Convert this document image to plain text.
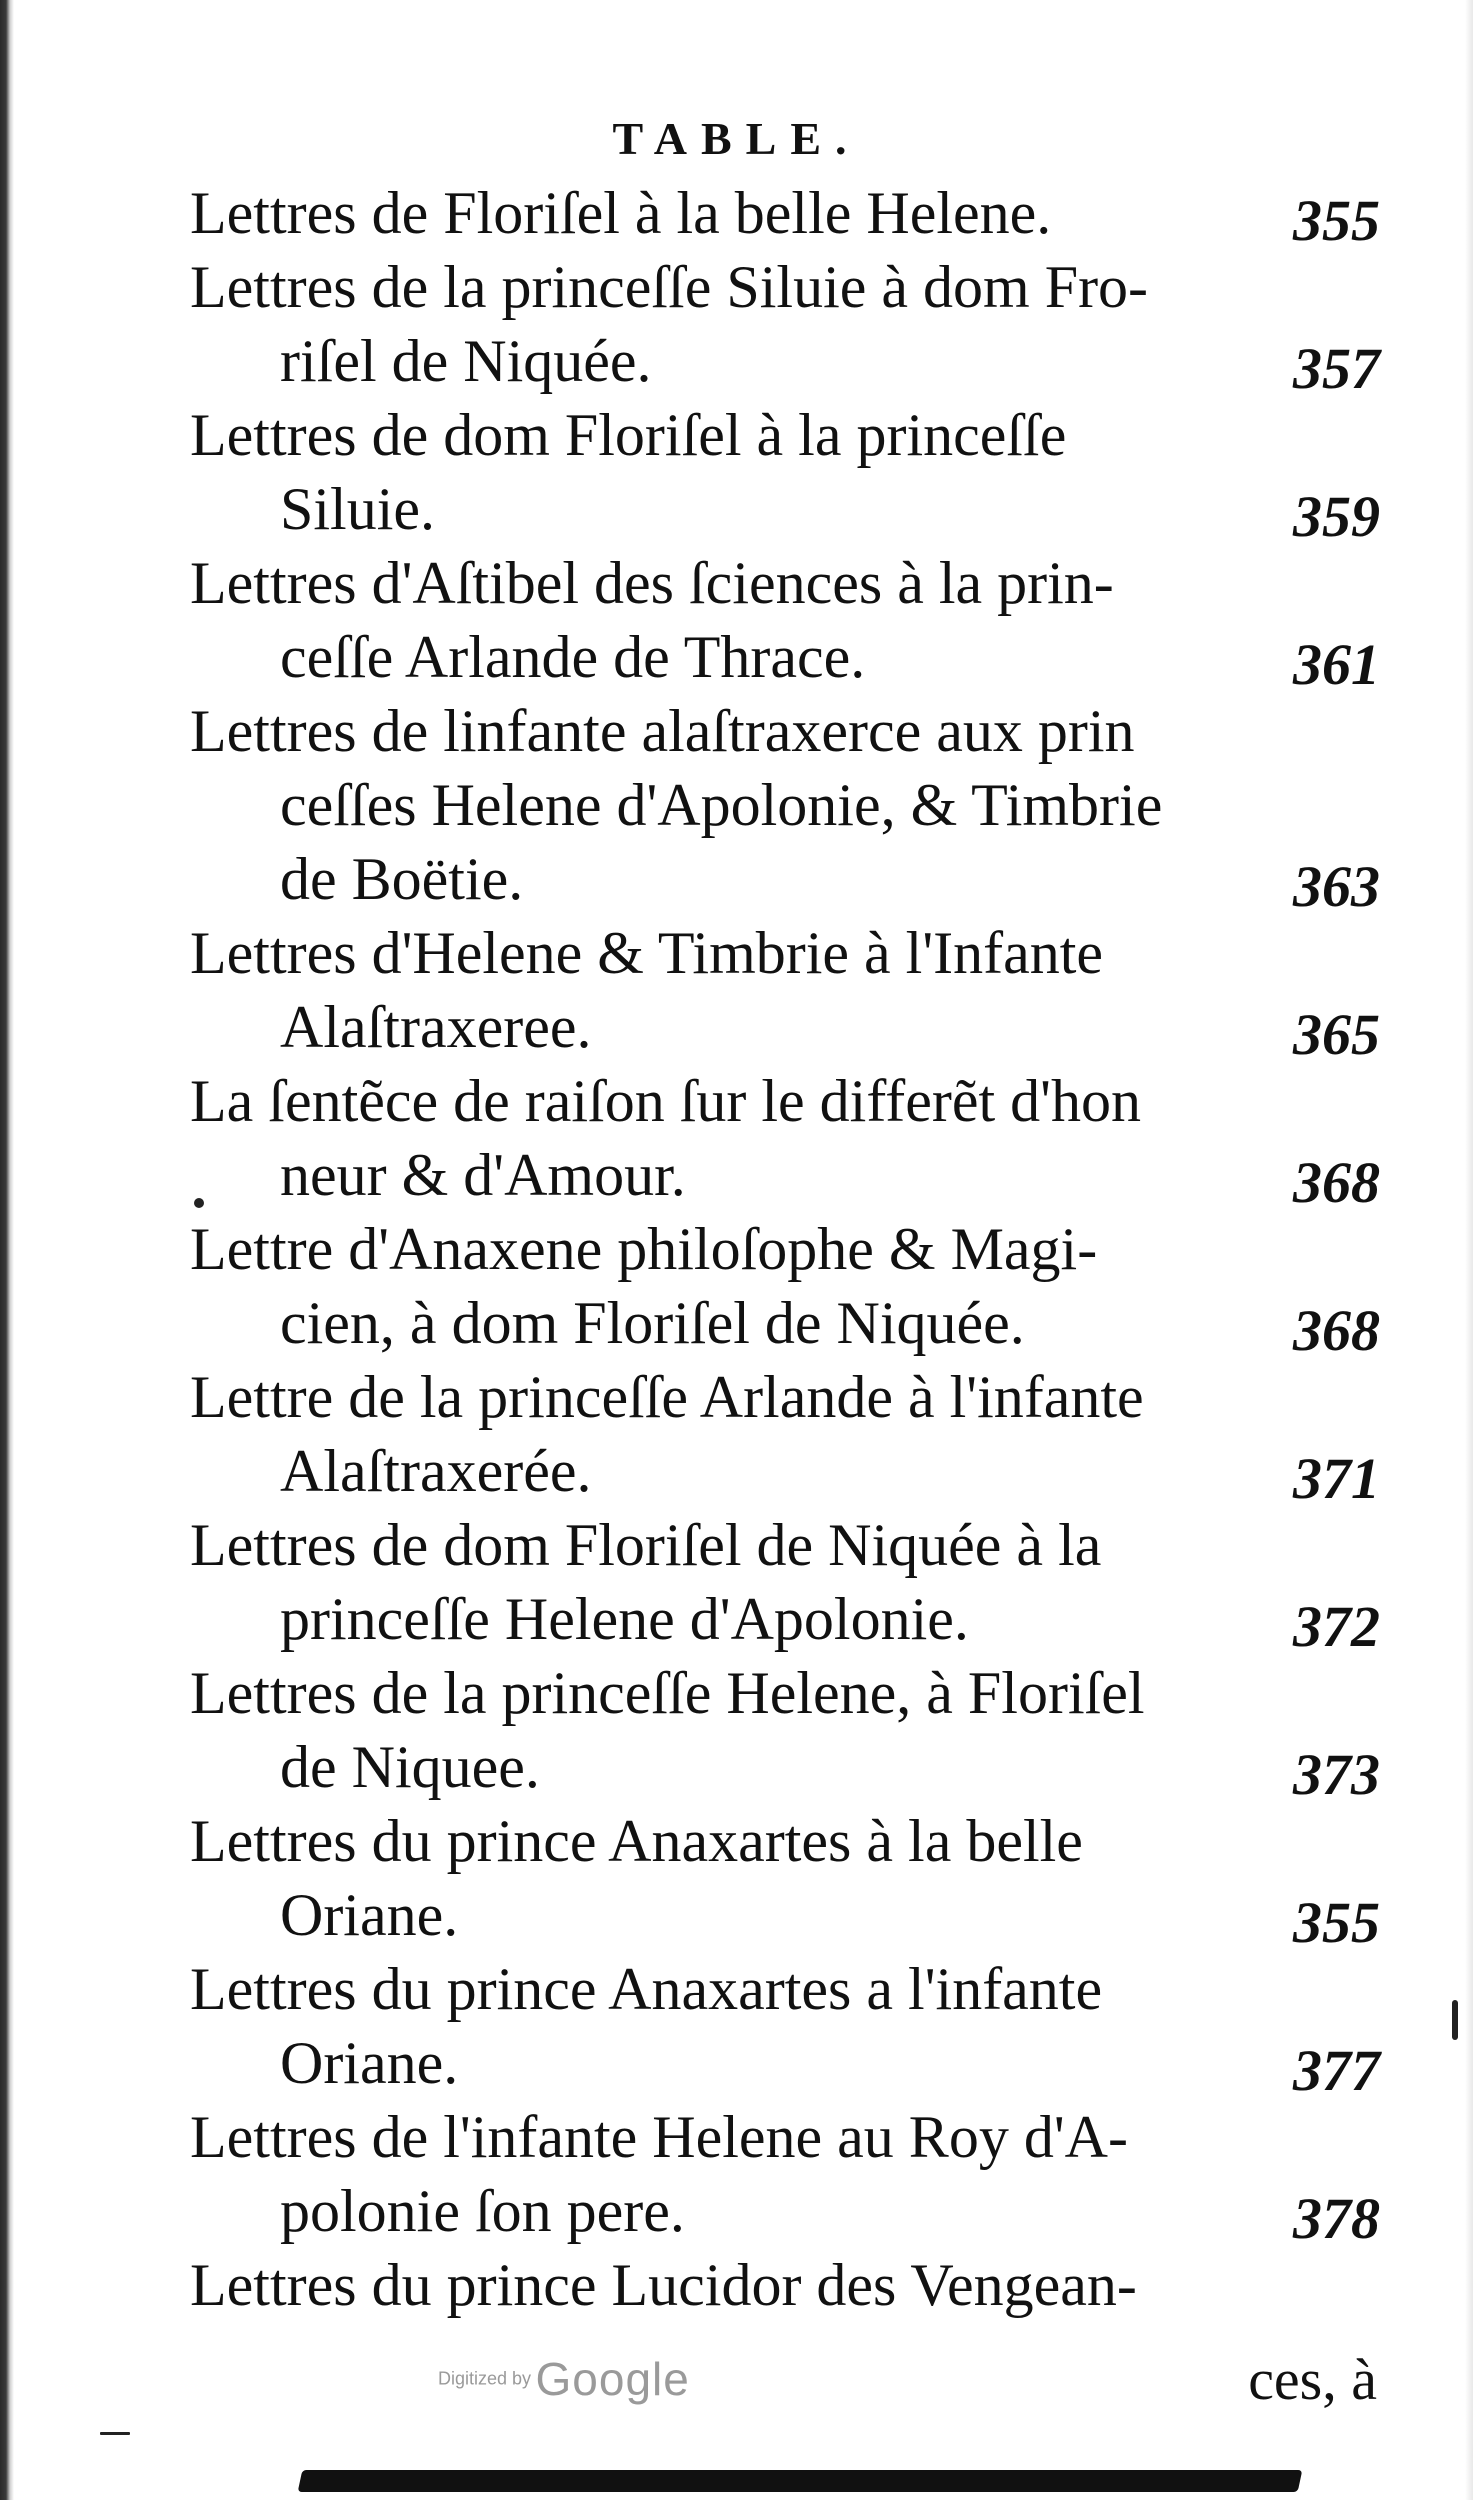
TABLE.
Lettres de Floriſel à la belle Helene.	355
Lettres de la princeſſe Siluie à dom Fro-
riſel de Niquée.	357
Lettres de dom Floriſel à la princeſſe
Siluie.	359
Lettres d'Aſtibel des ſciences à la prin-
ceſſe Arlande de Thrace.	361
Lettres de linfante alaſtraxerce aux prin
ceſſes Helene d'Apolonie, & Timbrie
de Boëtie.	363
Lettres d'Helene & Timbrie à l'Infante
Alaſtraxeree.	365
La ſentẽce de raiſon ſur le differẽt d'hon
neur & d'Amour.	368
Lettre d'Anaxene philoſophe & Magi-
cien, à dom Floriſel de Niquée.	368
Lettre de la princeſſe Arlande à l'infante
Alaſtraxerée.	371
Lettres de dom Floriſel de Niquée à la
princeſſe Helene d'Apolonie.	372
Lettres de la princeſſe Helene, à Floriſel
de Niquee.	373
Lettres du prince Anaxartes à la belle
Oriane.	355
Lettres du prince Anaxartes a l'infante
Oriane.	377
Lettres de l'infante Helene au Roy d'A-
polonie ſon pere.	378
Lettres du prince Lucidor des Vengean-
Digitized by Google	ces, à
